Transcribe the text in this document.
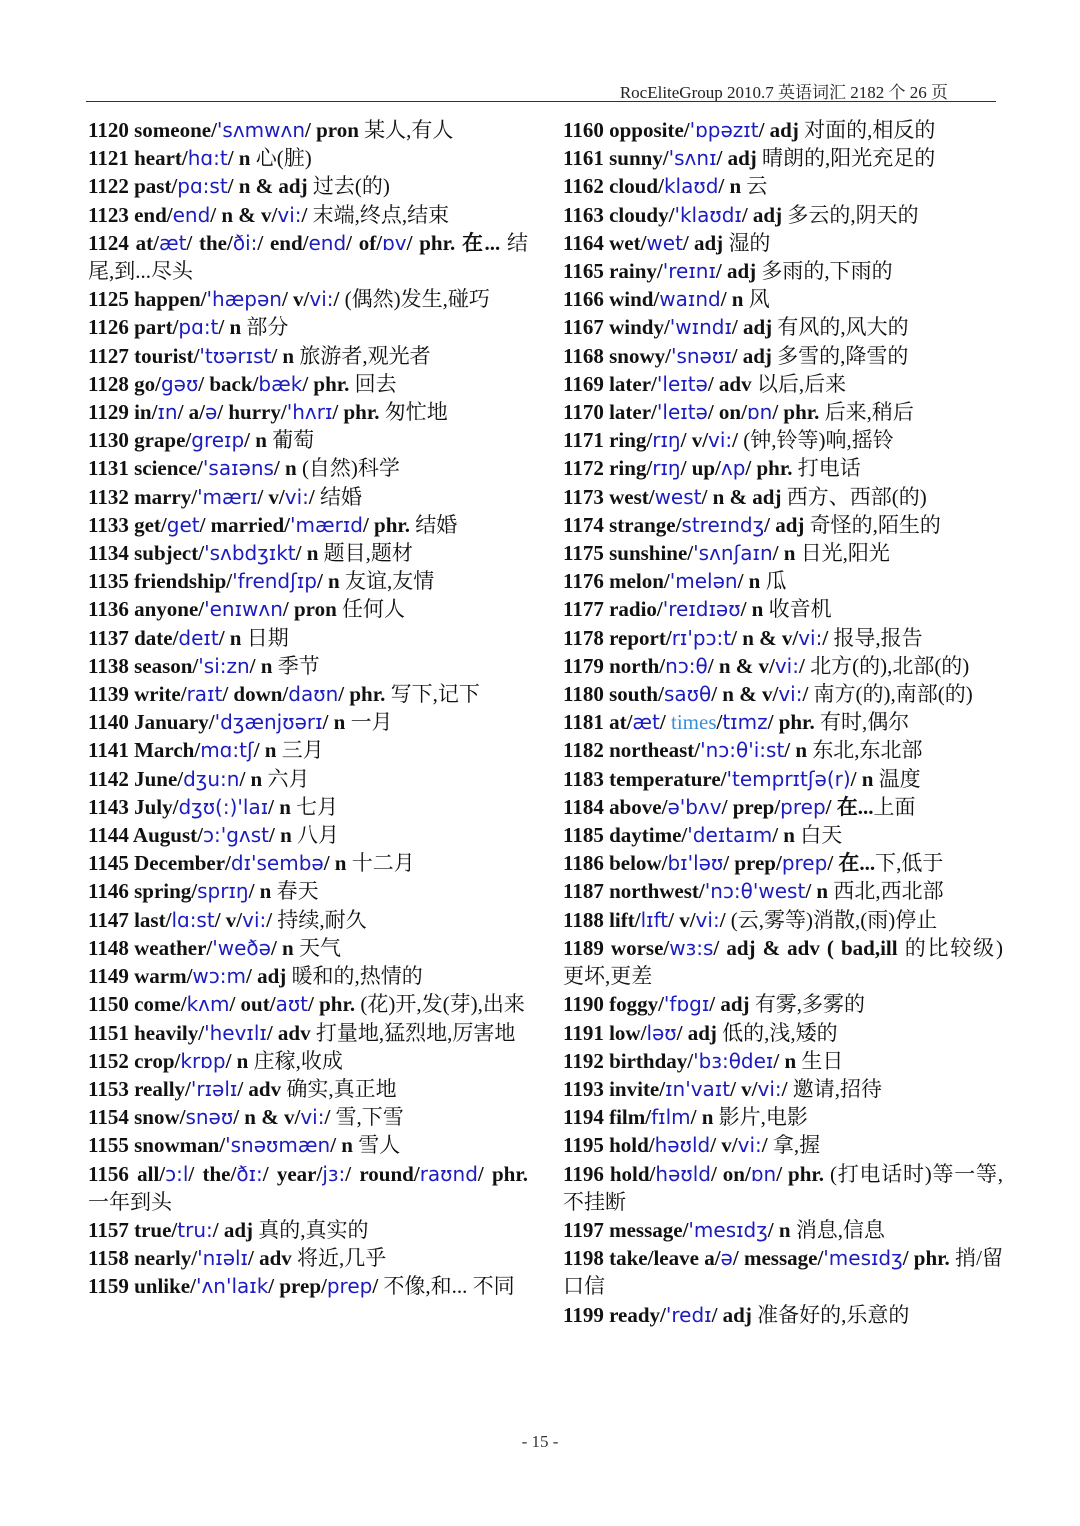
RocEliteGroup 2010.7 英语词汇 2182 个 26 页

1120 someone/'sʌmwʌn/ pron 某人,有人

1121 heart/hɑ:t/ n 心(脏)

1122 past/pɑ:st/ n & adj 过去(的)

1123 end/end/ n & v/vi:/ 末端,终点,结束

1124 at/æt/ the/ði:/ end/end/ of/ɒv/ phr. 在... 结尾,到...尽头

1125 happen/'hæpən/ v/vi:/ (偶然)发生,碰巧

1126 part/pɑ:t/ n 部分

1127 tourist/'tʊərɪst/ n 旅游者,观光者

1128 go/gəʊ/ back/bæk/ phr. 回去

1129 in/ɪn/ a/ə/ hurry/'hʌrɪ/ phr. 匆忙地

1130 grape/greɪp/ n 葡萄

1131 science/'saɪəns/ n (自然)科学

1132 marry/'mærɪ/ v/vi:/ 结婚

1133 get/get/ married/'mærɪd/ phr. 结婚

1134 subject/'sʌbdʒɪkt/ n 题目,题材

1135 friendship/'frendʃɪp/ n 友谊,友情

1136 anyone/'enɪwʌn/ pron 任何人

1137 date/deɪt/ n 日期

1138 season/'si:zn/ n 季节

1139 write/raɪt/ down/daʊn/ phr. 写下,记下

1140 January/'dʒænjʊərɪ/ n 一月

1141 March/mɑ:tʃ/ n 三月

1142 June/dʒu:n/ n 六月

1143 July/dʒʊ(:)'laɪ/ n 七月

1144 August/ɔ:'gʌst/ n 八月

1145 December/dɪ'sembə/ n 十二月

1146 spring/sprɪŋ/ n 春天

1147 last/lɑ:st/ v/vi:/ 持续,耐久

1148 weather/'weðə/ n 天气

1149 warm/wɔ:m/ adj 暖和的,热情的

1150 come/kʌm/ out/aʊt/ phr. (花)开,发(芽),出来

1151 heavily/'hevɪlɪ/ adv 打量地,猛烈地,厉害地

1152 crop/krɒp/ n 庄稼,收成

1153 really/'rɪəlɪ/ adv 确实,真正地

1154 snow/snəʊ/ n & v/vi:/ 雪,下雪

1155 snowman/'snəʊmæn/ n 雪人

1156 all/ɔ:l/ the/ðɪ:/ year/jɜ:/ round/raʊnd/ phr. 一年到头

1157 true/tru:/ adj 真的,真实的

1158 nearly/'nɪəlɪ/ adv 将近,几乎

1159 unlike/'ʌn'laɪk/ prep/prep/ 不像,和... 不同

1160 opposite/'ɒpəzɪt/ adj 对面的,相反的

1161 sunny/'sʌnɪ/ adj 晴朗的,阳光充足的

1162 cloud/klaʊd/ n 云

1163 cloudy/'klaʊdɪ/ adj 多云的,阴天的

1164 wet/wet/ adj 湿的

1165 rainy/'reɪnɪ/ adj 多雨的,下雨的

1166 wind/waɪnd/ n 风

1167 windy/'wɪndɪ/ adj 有风的,风大的

1168 snowy/'snəʊɪ/ adj 多雪的,降雪的

1169 later/'leɪtə/ adv 以后,后来

1170 later/'leɪtə/ on/ɒn/ phr. 后来,稍后

1171 ring/rɪŋ/ v/vi:/ (钟,铃等)响,摇铃

1172 ring/rɪŋ/ up/ʌp/ phr. 打电话

1173 west/west/ n & adj 西方、西部(的)

1174 strange/streɪndʒ/ adj 奇怪的,陌生的

1175 sunshine/'sʌnʃaɪn/ n 日光,阳光

1176 melon/'melən/ n 瓜

1177 radio/'reɪdɪəʊ/ n 收音机

1178 report/rɪ'pɔ:t/ n & v/vi:/ 报导,报告

1179 north/nɔ:θ/ n & v/vi:/ 北方(的),北部(的)

1180 south/saʊθ/ n & v/vi:/ 南方(的),南部(的)

1181 at/æt/ times/tɪmz/ phr. 有时,偶尔

1182 northeast/'nɔ:θ'i:st/ n 东北,东北部

1183 temperature/'temprɪtʃə(r)/ n 温度

1184 above/ə'bʌv/ prep/prep/ 在...上面

1185 daytime/'deɪtaɪm/ n 白天

1186 below/bɪ'ləʊ/ prep/prep/ 在...下,低于

1187 northwest/'nɔ:θ'west/ n 西北,西北部

1188 lift/lɪft/ v/vi:/ (云,雾等)消散,(雨)停止

1189 worse/wɜ:s/ adj & adv ( bad,ill 的比较级)更坏,更差

1190 foggy/'fɒgɪ/ adj 有雾,多雾的

1191 low/ləʊ/ adj 低的,浅,矮的

1192 birthday/'bɜ:θdeɪ/ n 生日

1193 invite/ɪn'vaɪt/ v/vi:/ 邀请,招待

1194 film/fɪlm/ n 影片,电影

1195 hold/həʊld/ v/vi:/ 拿,握

1196 hold/həʊld/ on/ɒn/ phr. (打电话时)等一等,不挂断

1197 message/'mesɪdʒ/ n 消息,信息

1198 take/leave a/ə/ message/'mesɪdʒ/ phr. 捎/留口信

1199 ready/'redɪ/ adj 准备好的,乐意的

- 15 -
